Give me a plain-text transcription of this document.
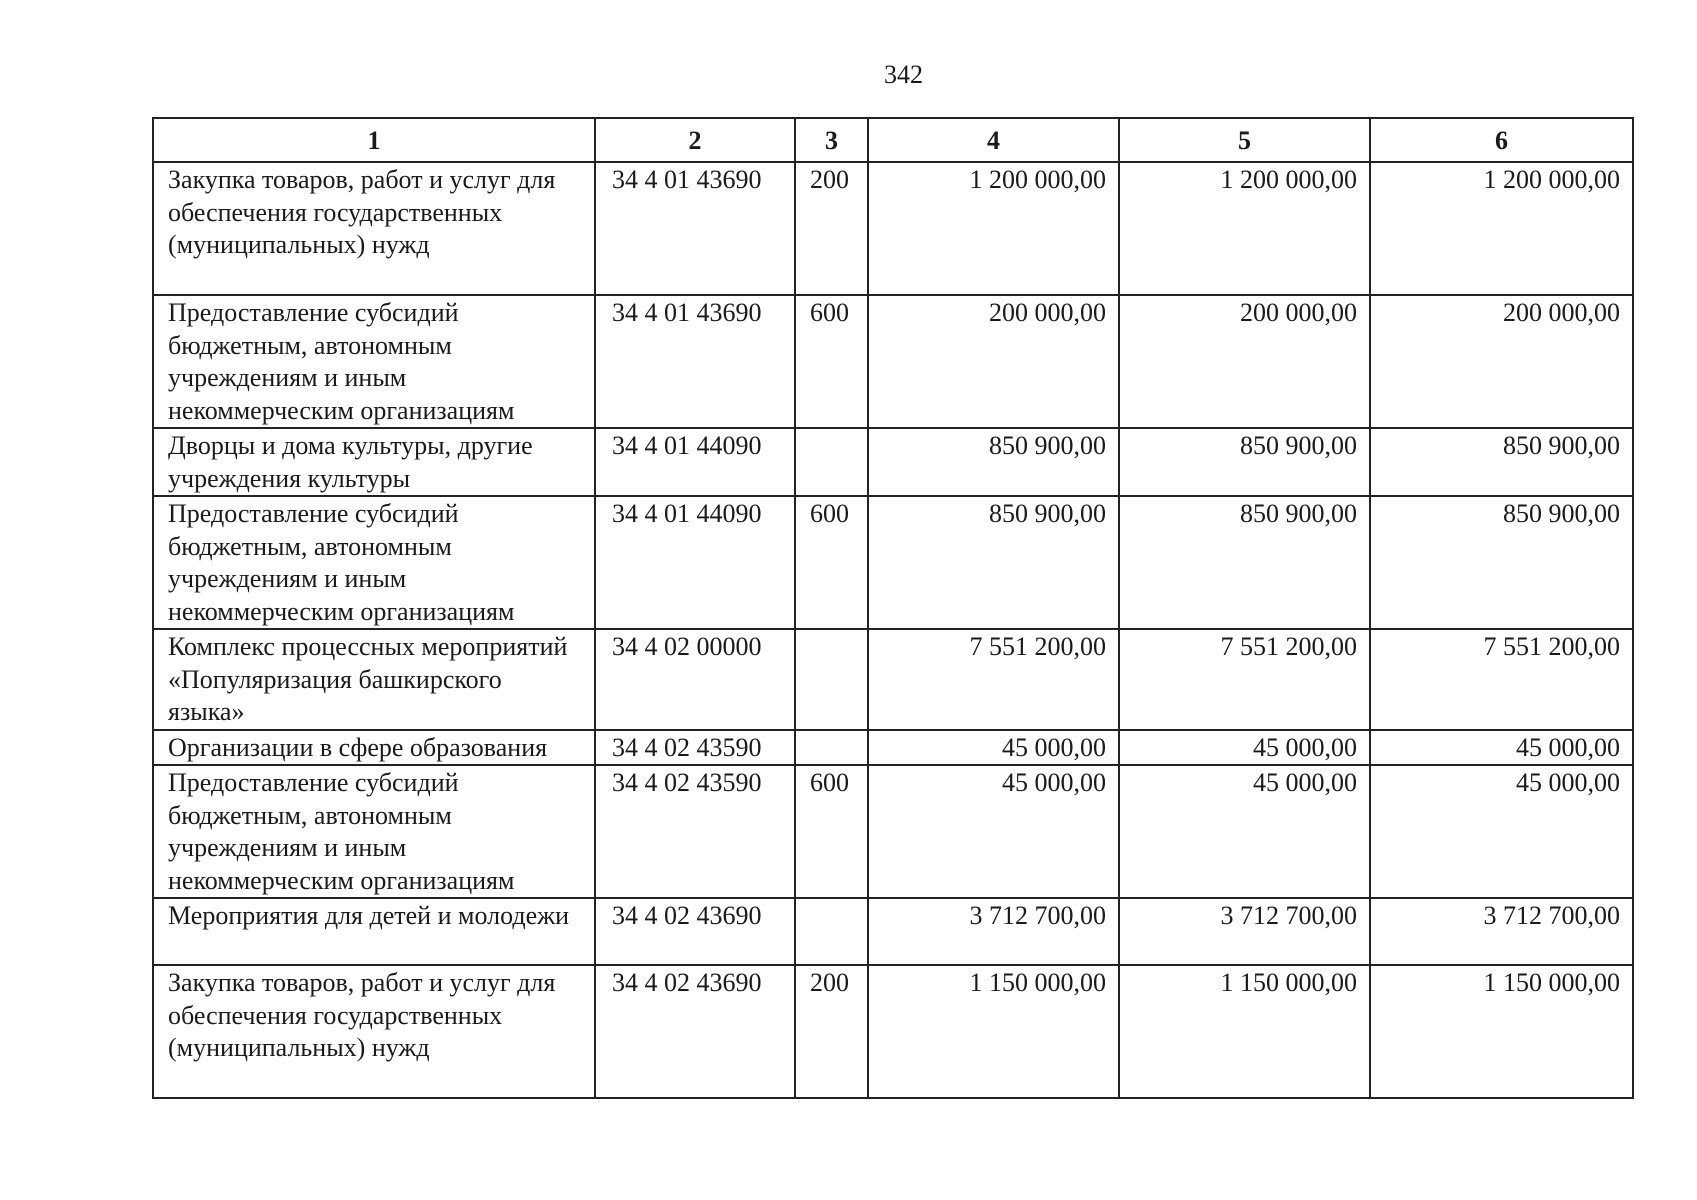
342
1	2	3	4	5	6
Закупка товаров, работ и услуг для обеспечения государственных (муниципальных) нужд	34 4 01 43690	200	1 200 000,00	1 200 000,00	1 200 000,00
Предоставление субсидий бюджетным, автономным учреждениям и иным некоммерческим организациям	34 4 01 43690	600	200 000,00	200 000,00	200 000,00
Дворцы и дома культуры, другие учреждения культуры	34 4 01 44090		850 900,00	850 900,00	850 900,00
Предоставление субсидий бюджетным, автономным учреждениям и иным некоммерческим организациям	34 4 01 44090	600	850 900,00	850 900,00	850 900,00
Комплекс процессных мероприятий «Популяризация башкирского языка»	34 4 02 00000		7 551 200,00	7 551 200,00	7 551 200,00
Организации в сфере образования	34 4 02 43590		45 000,00	45 000,00	45 000,00
Предоставление субсидий бюджетным, автономным учреждениям и иным некоммерческим организациям	34 4 02 43590	600	45 000,00	45 000,00	45 000,00
Мероприятия для детей и молодежи	34 4 02 43690		3 712 700,00	3 712 700,00	3 712 700,00
Закупка товаров, работ и услуг для обеспечения государственных (муниципальных) нужд	34 4 02 43690	200	1 150 000,00	1 150 000,00	1 150 000,00
